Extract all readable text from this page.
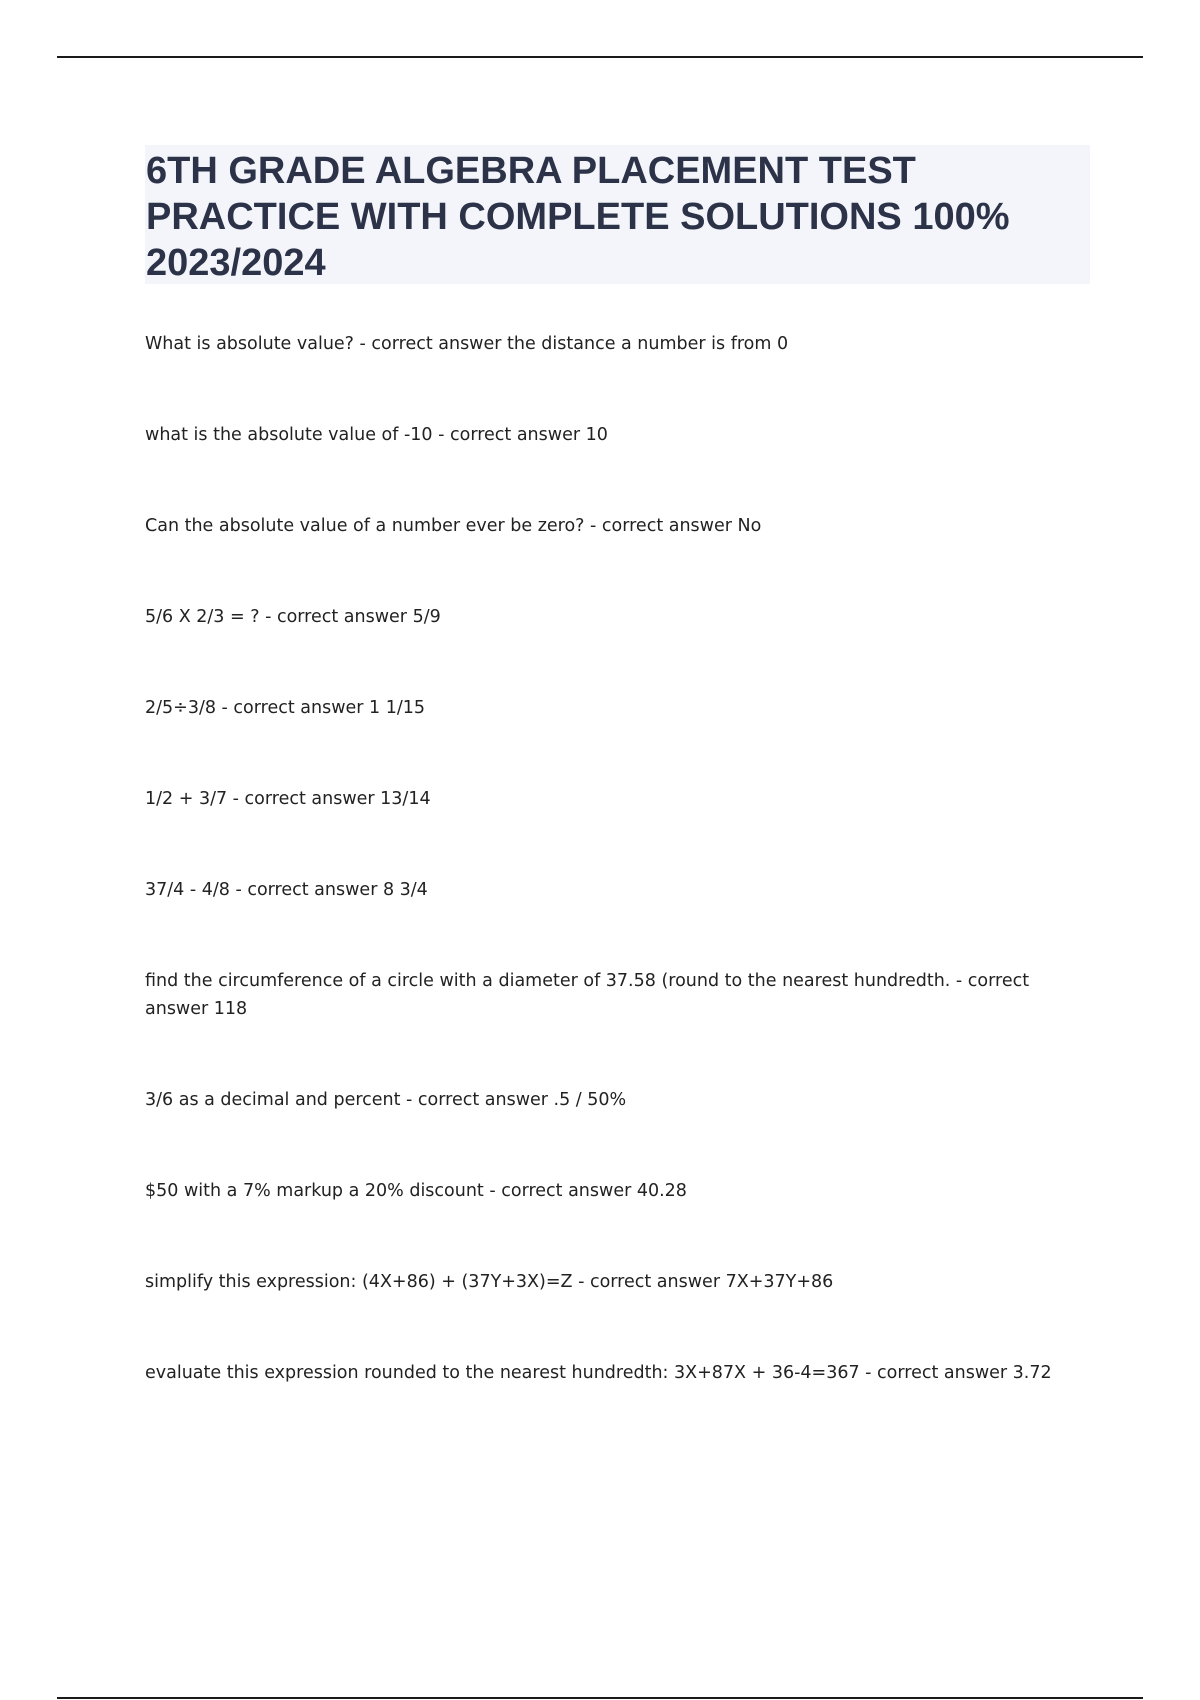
6TH GRADE ALGEBRA PLACEMENT TEST
PRACTICE WITH COMPLETE SOLUTIONS 100%
2023/2024
What is absolute value? - correct answer the distance a number is from 0
what is the absolute value of -10 - correct answer 10
Can the absolute value of a number ever be zero? - correct answer No
5/6 X 2/3 = ? - correct answer 5/9
2/5÷3/8 - correct answer 1 1/15
1/2 + 3/7 - correct answer 13/14
37/4 - 4/8 - correct answer 8 3/4
find the circumference of a circle with a diameter of 37.58 (round to the nearest hundredth. - correct answer 118
3/6 as a decimal and percent - correct answer .5 / 50%
$50 with a 7% markup a 20% discount - correct answer 40.28
simplify this expression: (4X+86) + (37Y+3X)=Z - correct answer 7X+37Y+86
evaluate this expression rounded to the nearest hundredth: 3X+87X + 36-4=367 - correct answer 3.72
